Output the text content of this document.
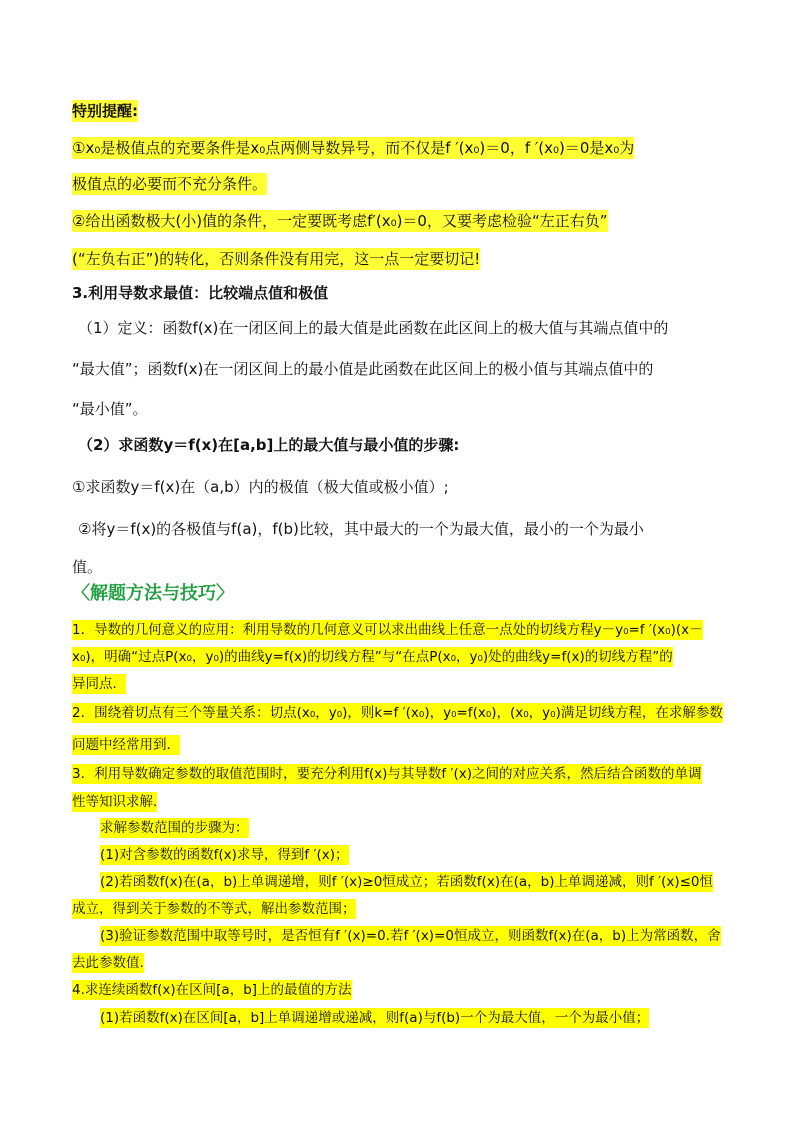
特别提醒:
①x₀是极值点的充要条件是x₀点两侧导数异号，而不仅是f ′(x₀)＝0，f ′(x₀)＝0是x₀为
极值点的必要而不充分条件。
②给出函数极大(小)值的条件，一定要既考虑f′(x₀)＝0，又要考虑检验“左正右负”
(“左负右正”)的转化，否则条件没有用完，这一点一定要切记!
3.利用导数求最值：比较端点值和极值
（1）定义：函数f(x)在一闭区间上的最大值是此函数在此区间上的极大值与其端点值中的
“最大值”；函数f(x)在一闭区间上的最小值是此函数在此区间上的极小值与其端点值中的
“最小值”。
（2）求函数y＝f(x)在[a,b]上的最大值与最小值的步骤:
①求函数y＝f(x)在（a,b）内的极值（极大值或极小值）;
②将y＝f(x)的各极值与f(a)，f(b)比较，其中最大的一个为最大值，最小的一个为最小
值。
〈解题方法与技巧〉
1．导数的几何意义的应用：利用导数的几何意义可以求出曲线上任意一点处的切线方程y－y₀=f ′(x₀)(x－
x₀)，明确“过点P(x₀，y₀)的曲线y=f(x)的切线方程”与“在点P(x₀，y₀)处的曲线y=f(x)的切线方程”的
异同点．
2．围绕着切点有三个等量关系：切点(x₀，y₀)，则k=f ′(x₀)，y₀=f(x₀)，(x₀，y₀)满足切线方程，在求解参数
问题中经常用到．
3．利用导数确定参数的取值范围时，要充分利用f(x)与其导数f ′(x)之间的对应关系，然后结合函数的单调
性等知识求解.
求解参数范围的步骤为：
(1)对含参数的函数f(x)求导，得到f ′(x)；
(2)若函数f(x)在(a，b)上单调递增，则f ′(x)≥0恒成立；若函数f(x)在(a，b)上单调递减，则f ′(x)≤0恒
成立，得到关于参数的不等式，解出参数范围；
(3)验证参数范围中取等号时，是否恒有f ′(x)=0.若f ′(x)=0恒成立，则函数f(x)在(a，b)上为常函数，舍
去此参数值.
4.求连续函数f(x)在区间[a，b]上的最值的方法
(1)若函数f(x)在区间[a，b]上单调递增或递减，则f(a)与f(b)一个为最大值，一个为最小值；
